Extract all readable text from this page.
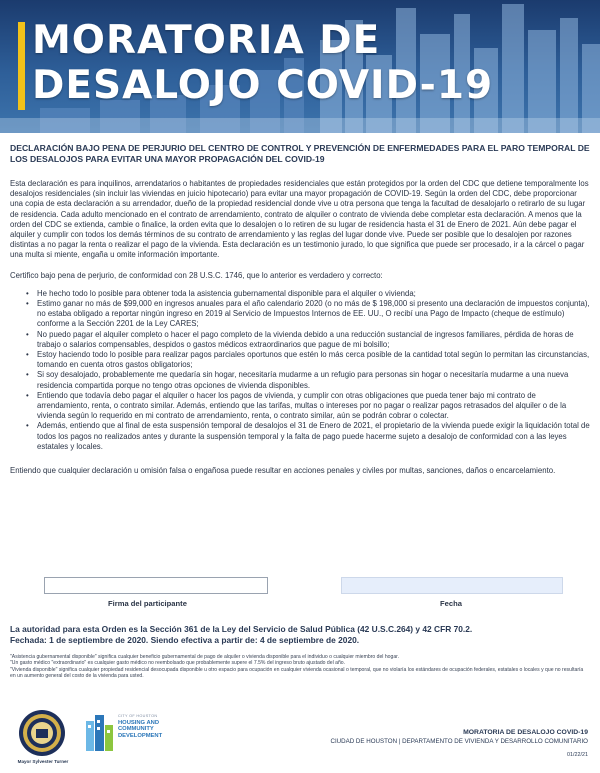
MORATORIA DE
DESALOJO COVID-19
DECLARACIÓN BAJO PENA DE PERJURIO DEL CENTRO DE CONTROL Y PREVENCIÓN DE ENFERMEDADES PARA EL PARO TEMPORAL DE LOS DESALOJOS PARA EVITAR UNA MAYOR PROPAGACIÓN DEL COVID-19

Esta declaración es para inquilinos, arrendatarios o habitantes de propiedades residenciales que están protegidos por la orden del CDC que detiene temporalmente los desalojos residenciales (sin incluir las viviendas en juicio hipotecario) para evitar una mayor propagación de COVID-19. Según la orden del CDC, debe proporcionar una copia de esta declaración a su arrendador, dueño de la propiedad residencial donde vive u otra persona que tenga la facultad de desalojarlo o retirarlo de su lugar de residencia. Cada adulto mencionado en el contrato de arrendamiento, contrato de alquiler o contrato de vivienda debe completar esta declaración. A menos que la orden del CDC se extienda, cambie o finalice, la orden evita que lo desalojen o lo retiren de su lugar de residencia hasta el 31 de Enero de 2021. Aún debe pagar el alquiler y cumplir con todos los demás términos de su contrato de arrendamiento y las reglas del lugar donde vive. Puede ser posible que lo desalojen por razones distintas a no pagar la renta o realizar el pago de la vivienda. Esta declaración es un testimonio jurado, lo que significa que puede ser procesado, ir a la cárcel o pagar una multa si miente, engaña u omite información importante.

Certifico bajo pena de perjurio, de conformidad con 28 U.S.C. 1746, que lo anterior es verdadero y correcto:

• He hecho todo lo posible para obtener toda la asistencia gubernamental disponible para el alquiler o vivienda;
• Estimo ganar no más de $99,000 en ingresos anuales para el año calendario 2020 (o no más de $ 198,000 si presento una declaración de impuestos conjunta), no estaba obligado a reportar ningún ingreso en 2019 al Servicio de Impuestos Internos de EE. UU., O recibí una Pago de Impacto (cheque de estímulo) conforme a la Sección 2201 de la Ley CARES;
• No puedo pagar el alquiler completo o hacer el pago completo de la vivienda debido a una reducción sustancial de ingresos familiares, pérdida de horas de trabajo o salarios compensables, despidos o gastos médicos extraordinarios que pague de mi bolsillo;
• Estoy haciendo todo lo posible para realizar pagos parciales oportunos que estén lo más cerca posible de la cantidad total según lo permitan las circunstancias, tomando en cuenta otros gastos obligatorios;
• Si soy desalojado, probablemente me quedaría sin hogar, necesitaría mudarme a un refugio para personas sin hogar o necesitaría mudarme a una nueva residencia compartida porque no tengo otras opciones de vivienda disponibles.
• Entiendo que todavía debo pagar el alquiler o hacer los pagos de vivienda, y cumplir con otras obligaciones que pueda tener bajo mi contrato de arrendamiento, renta, o contrato similar. Además, entiendo que las tarifas, multas o intereses por no pagar o realizar pagos retrasados del alquiler o de la vivienda según lo requerido en mi contrato de arrendamiento, renta, o contrato similar, aún se podrán cobrar o colectar.
• Además, entiendo que al final de esta suspensión temporal de desalojos el 31 de Enero de 2021, el propietario de la vivienda puede exigir la liquidación total de todos los pagos no realizados antes y durante la suspensión temporal y la falta de pago puede hacerme sujeto a desalojo de conformidad con a las leyes estatales y locales.

Entiendo que cualquier declaración u omisión falsa o engañosa puede resultar en acciones penales y civiles por multas, sanciones, daños o encarcelamiento.

Firma del participante	Fecha
La autoridad para esta Orden es la Sección 361 de la Ley del Servicio de Salud Pública (42 U.S.C.264) y 42 CFR 70.2.
Fechada: 1 de septiembre de 2020. Siendo efectiva a partir de: 4 de septiembre de 2020.
"Asistencia gubernamental disponible" significa cualquier beneficio gubernamental de pago de alquiler o vivienda disponible para el individuo o cualquier miembro del hogar.
"Un gasto médico "extraordinario" es cualquier gasto médico no reembolsado que probablemente supere el 7.5% del ingreso bruto ajustado del año.
"Vivienda disponible" significa cualquier propiedad residencial desocupada disponible u otro espacio para ocupación en cualquier vivienda ocasional o temporal, que no violaría los estándares de ocupación federales, estatales o locales y que no resultaría en un aumento general del costo de la vivienda para usted.
Mayor Sylvester Turner
CITY OF HOUSTON
HOUSING AND
COMMUNITY
DEVELOPMENT	MORATORIA DE DESALOJO COVID-19
CIUDAD DE HOUSTON | DEPARTAMENTO DE VIVIENDA Y DESARROLLO COMUNITARIO
01/22/21
